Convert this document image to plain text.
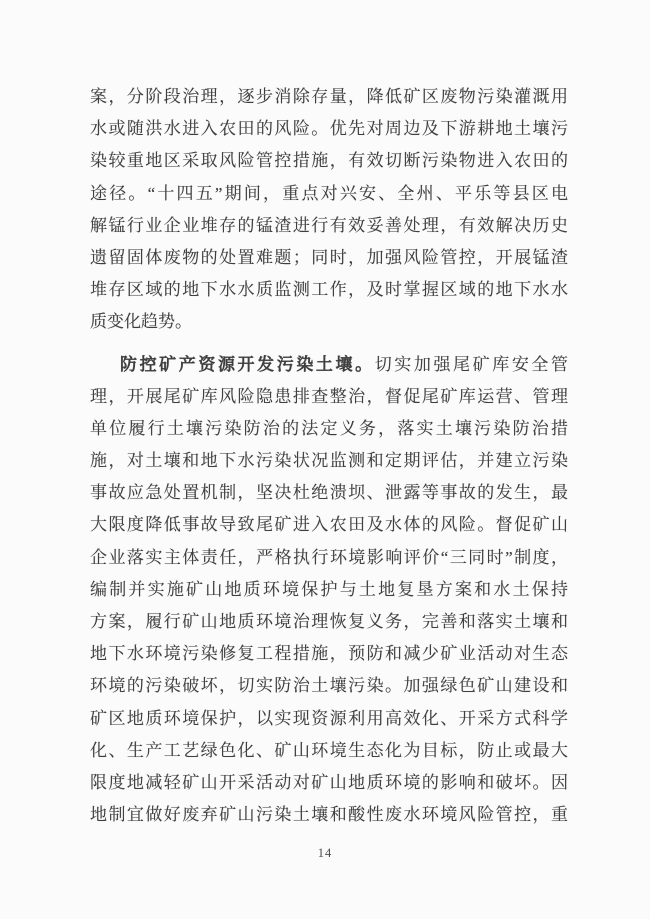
案，分阶段治理，逐步消除存量，降低矿区废物污染灌溉用
水或随洪水进入农田的风险。优先对周边及下游耕地土壤污
染较重地区采取风险管控措施，有效切断污染物进入农田的
途径。“十四五”期间，重点对兴安、全州、平乐等县区电
解锰行业企业堆存的锰渣进行有效妥善处理，有效解决历史
遗留固体废物的处置难题；同时，加强风险管控，开展锰渣
堆存区域的地下水水质监测工作，及时掌握区域的地下水水
质变化趋势。
防控矿产资源开发污染土壤。切实加强尾矿库安全管
理，开展尾矿库风险隐患排查整治，督促尾矿库运营、管理
单位履行土壤污染防治的法定义务，落实土壤污染防治措
施，对土壤和地下水污染状况监测和定期评估，并建立污染
事故应急处置机制，坚决杜绝溃坝、泄露等事故的发生，最
大限度降低事故导致尾矿进入农田及水体的风险。督促矿山
企业落实主体责任，严格执行环境影响评价“三同时”制度，
编制并实施矿山地质环境保护与土地复垦方案和水土保持
方案，履行矿山地质环境治理恢复义务，完善和落实土壤和
地下水环境污染修复工程措施，预防和减少矿业活动对生态
环境的污染破坏，切实防治土壤污染。加强绿色矿山建设和
矿区地质环境保护，以实现资源利用高效化、开采方式科学
化、生产工艺绿色化、矿山环境生态化为目标，防止或最大
限度地减轻矿山开采活动对矿山地质环境的影响和破坏。因
地制宜做好废弃矿山污染土壤和酸性废水环境风险管控，重
14
